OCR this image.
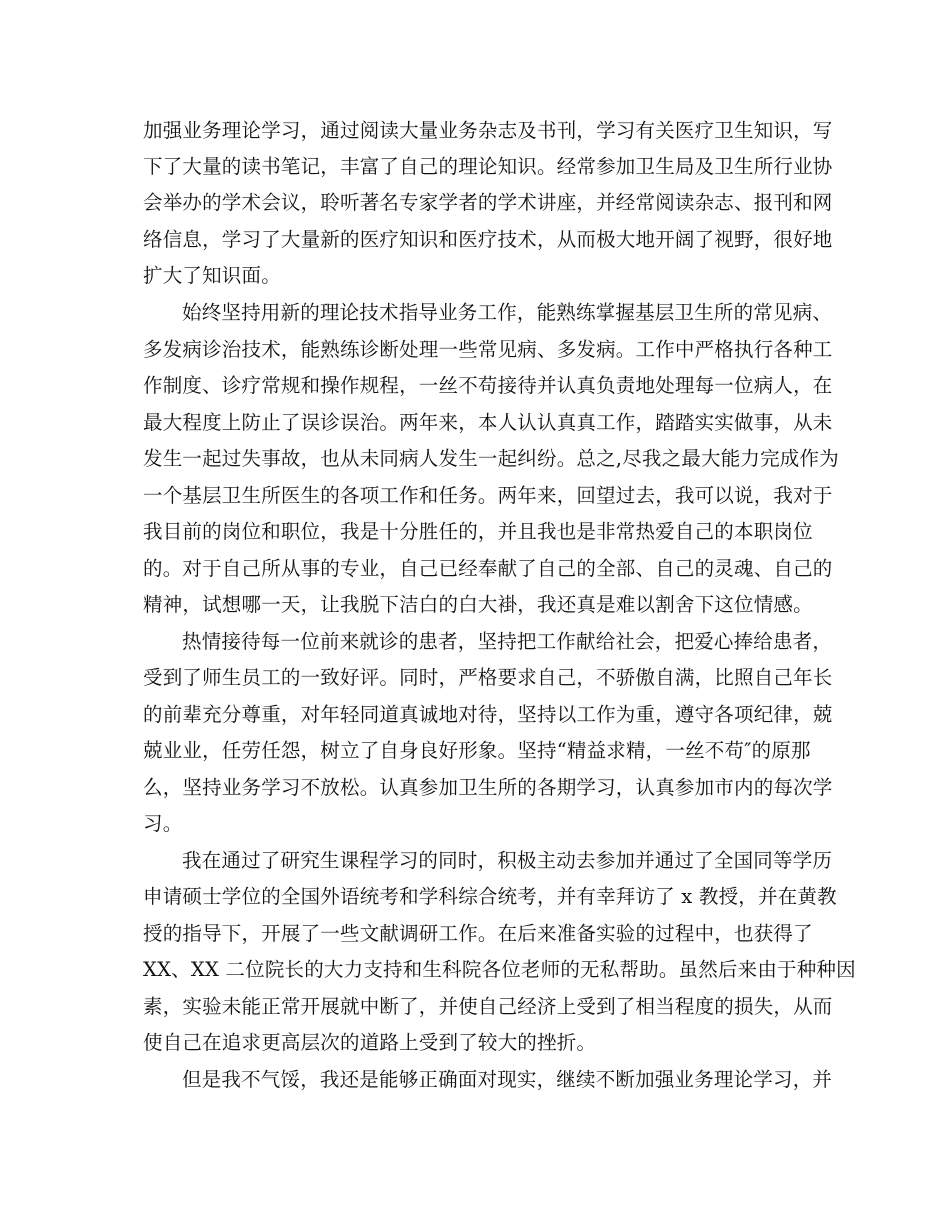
加强业务理论学习，通过阅读大量业务杂志及书刊，学习有关医疗卫生知识，写
下了大量的读书笔记，丰富了自己的理论知识。经常参加卫生局及卫生所行业协
会举办的学术会议，聆听著名专家学者的学术讲座，并经常阅读杂志、报刊和网
络信息，学习了大量新的医疗知识和医疗技术，从而极大地开阔了视野，很好地
扩大了知识面。
始终坚持用新的理论技术指导业务工作，能熟练掌握基层卫生所的常见病、
多发病诊治技术，能熟练诊断处理一些常见病、多发病。工作中严格执行各种工
作制度、诊疗常规和操作规程，一丝不苟接待并认真负责地处理每一位病人，在
最大程度上防止了误诊误治。两年来，本人认认真真工作，踏踏实实做事，从未
发生一起过失事故，也从未同病人发生一起纠纷。总之,尽我之最大能力完成作为
一个基层卫生所医生的各项工作和任务。两年来，回望过去，我可以说，我对于
我目前的岗位和职位，我是十分胜任的，并且我也是非常热爱自己的本职岗位
的。对于自己所从事的专业，自己已经奉献了自己的全部、自己的灵魂、自己的
精神，试想哪一天，让我脱下洁白的白大褂，我还真是难以割舍下这位情感。
热情接待每一位前来就诊的患者，坚持把工作献给社会，把爱心捧给患者，
受到了师生员工的一致好评。同时，严格要求自己，不骄傲自满，比照自己年长
的前辈充分尊重，对年轻同道真诚地对待，坚持以工作为重，遵守各项纪律，兢
兢业业，任劳任怨，树立了自身良好形象。坚持“精益求精，一丝不苟″的原那
么，坚持业务学习不放松。认真参加卫生所的各期学习，认真参加市内的每次学
习。
我在通过了研究生课程学习的同时，积极主动去参加并通过了全国同等学历
申请硕士学位的全国外语统考和学科综合统考，并有幸拜访了 x 教授，并在黄教
授的指导下，开展了一些文献调研工作。在后来准备实验的过程中，也获得了
XX、XX 二位院长的大力支持和生科院各位老师的无私帮助。虽然后来由于种种因
素，实验未能正常开展就中断了，并使自己经济上受到了相当程度的损失，从而
使自己在追求更高层次的道路上受到了较大的挫折。
但是我不气馁，我还是能够正确面对现实，继续不断加强业务理论学习，并
